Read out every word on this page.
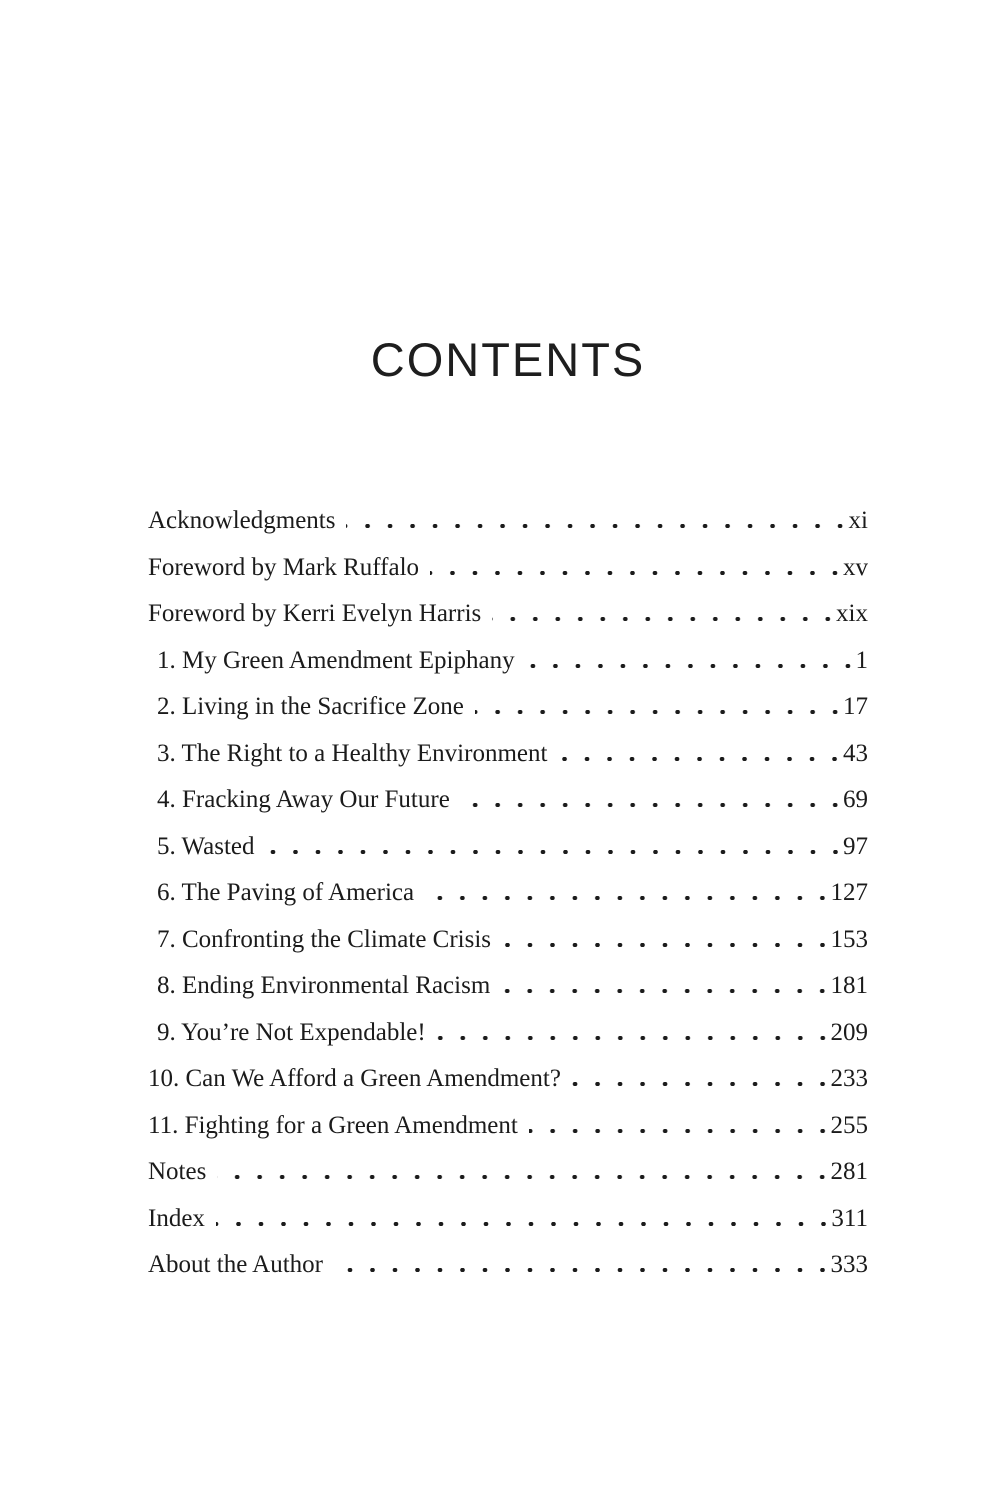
CONTENTS
Acknowledgments	xi
Foreword by Mark Ruffalo	xv
Foreword by Kerri Evelyn Harris	xix
1. My Green Amendment Epiphany	1
2. Living in the Sacrifice Zone	17
3. The Right to a Healthy Environment	43
4. Fracking Away Our Future	69
5. Wasted	97
6. The Paving of America	127
7. Confronting the Climate Crisis	153
8. Ending Environmental Racism	181
9. You’re Not Expendable!	209
10. Can We Afford a Green Amendment?	233
11. Fighting for a Green Amendment	255
Notes	281
Index	311
About the Author	333
